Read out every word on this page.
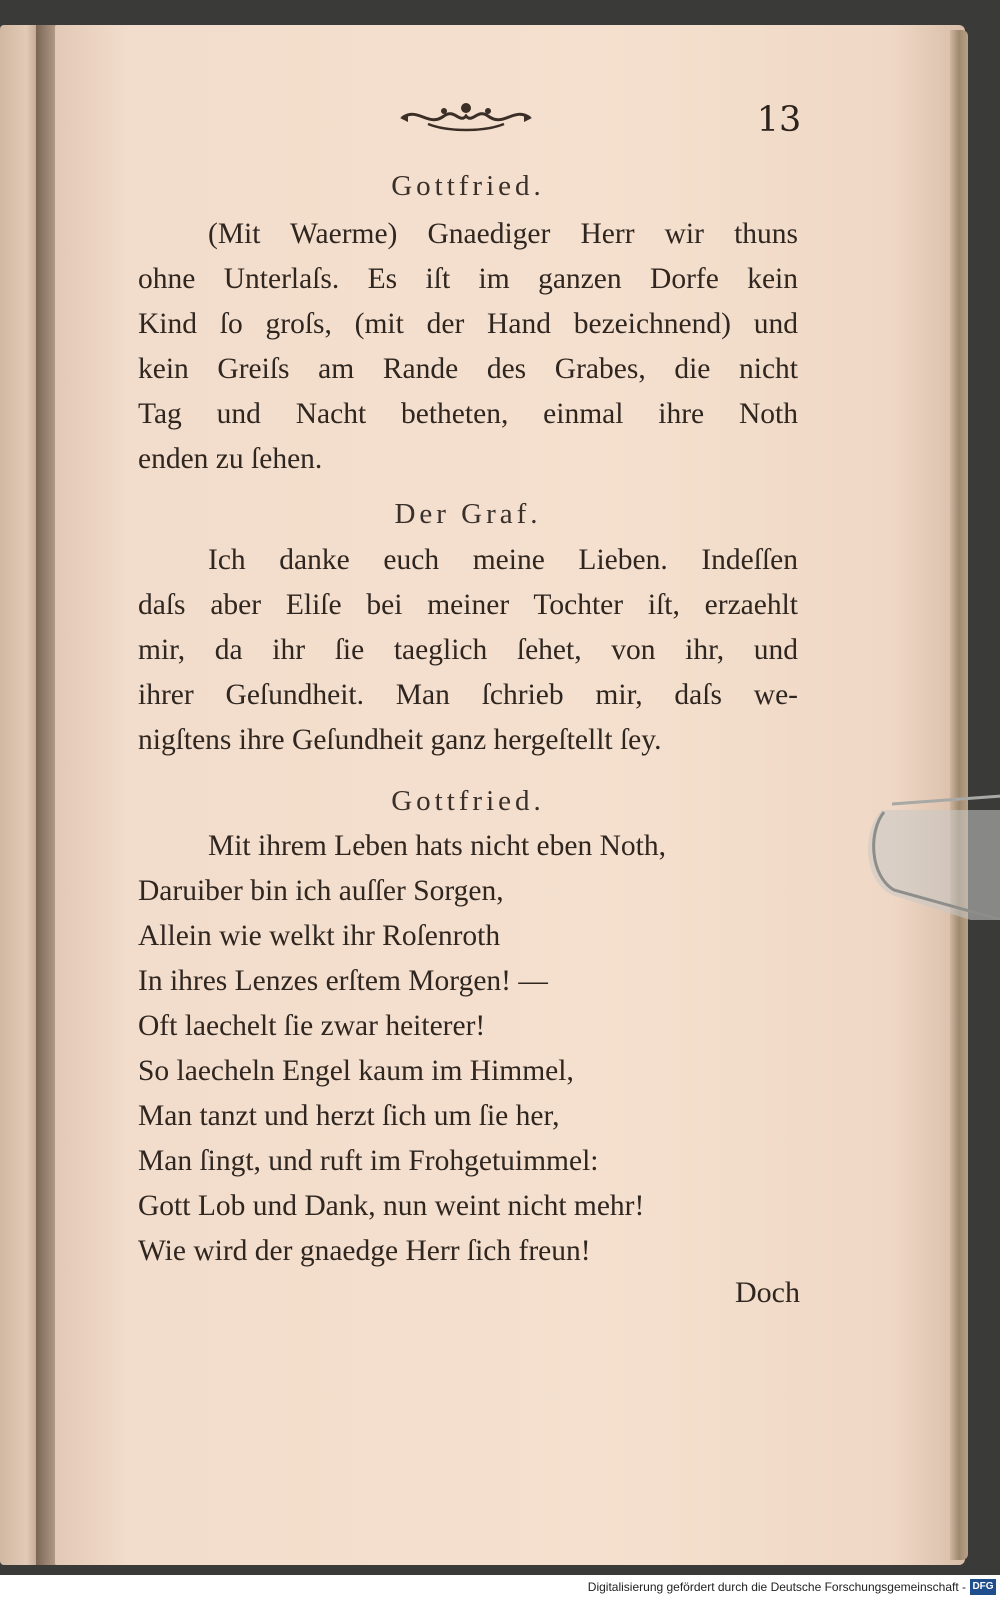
13
Gottfried.
(Mit Waerme) Gnaediger Herr wir thuns
ohne Unterlaſs. Es iſt im ganzen Dorfe kein
Kind ſo groſs, (mit der Hand bezeichnend) und
kein Greiſs am Rande des Grabes, die nicht
Tag und Nacht betheten, einmal ihre Noth
enden zu ſehen.
Der Graf.
Ich danke euch meine Lieben. Indeſſen
daſs aber Eliſe bei meiner Tochter iſt, erzaehlt
mir, da ihr ſie taeglich ſehet, von ihr, und
ihrer Geſundheit. Man ſchrieb mir, daſs we-
nigſtens ihre Geſundheit ganz hergeſtellt ſey.
Gottfried.
Mit ihrem Leben hats nicht eben Noth,
Daruiber bin ich auſſer Sorgen,
Allein wie welkt ihr Roſenroth
In ihres Lenzes erſtem Morgen! —
Oft laechelt ſie zwar heiterer!
So laecheln Engel kaum im Himmel,
Man tanzt und herzt ſich um ſie her,
Man ſingt, und ruft im Frohgetuimmel:
Gott Lob und Dank, nun weint nicht mehr!
Wie wird der gnaedge Herr ſich freun!
Doch
Digitalisierung gefördert durch die Deutsche Forschungsgemeinschaft - DFG
